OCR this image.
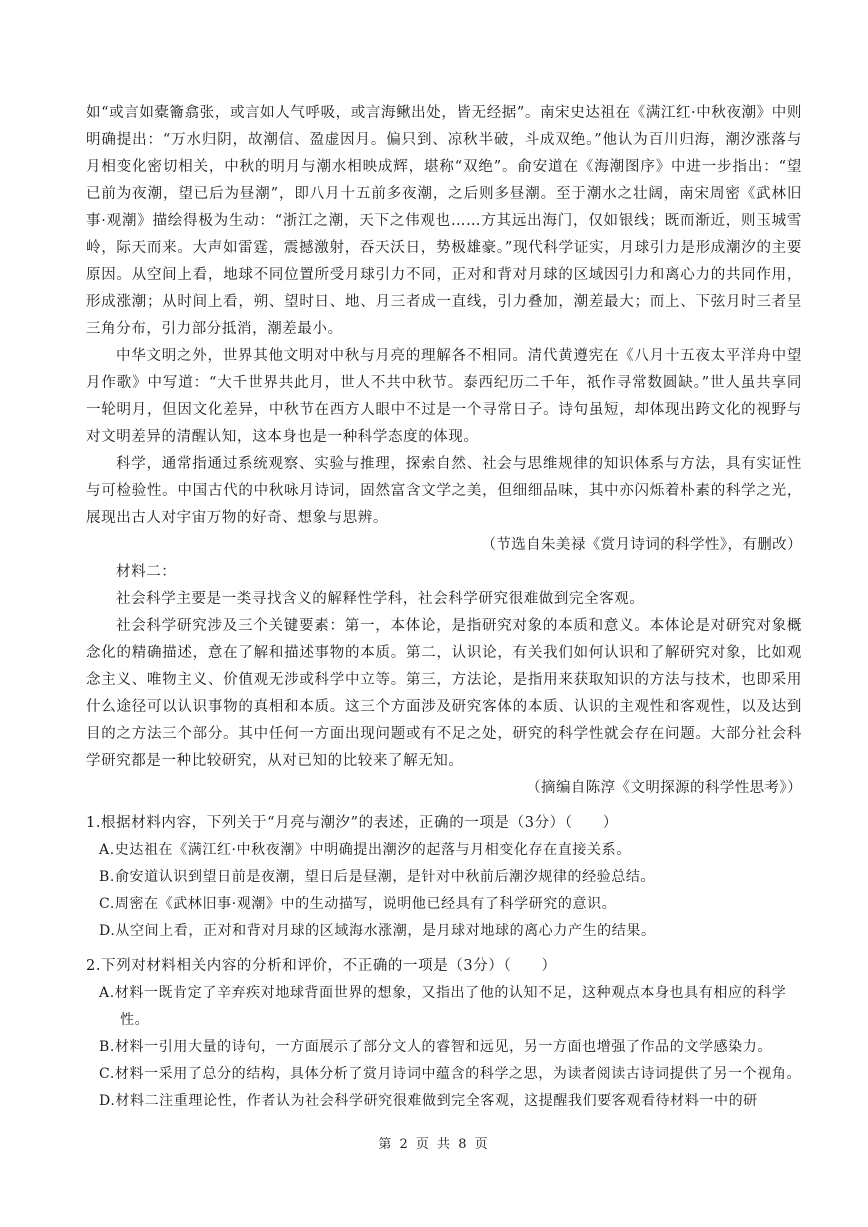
如“或言如橐籥翕张，或言如人气呼吸，或言海鳅出处，皆无经据”。南宋史达祖在《满江红·中秋夜潮》中则明确提出：“万水归阴，故潮信、盈虚因月。偏只到、凉秋半破，斗成双绝。”他认为百川归海，潮汐涨落与月相变化密切相关，中秋的明月与潮水相映成辉，堪称“双绝”。俞安道在《海潮图序》中进一步指出：“望已前为夜潮，望已后为昼潮”，即八月十五前多夜潮，之后则多昼潮。至于潮水之壮阔，南宋周密《武林旧事·观潮》描绘得极为生动：“浙江之潮，天下之伟观也……方其远出海门，仅如银线；既而渐近，则玉城雪岭，际天而来。大声如雷霆，震撼激射，吞天沃日，势极雄豪。”现代科学证实，月球引力是形成潮汐的主要原因。从空间上看，地球不同位置所受月球引力不同，正对和背对月球的区域因引力和离心力的共同作用，形成涨潮；从时间上看，朔、望时日、地、月三者成一直线，引力叠加，潮差最大；而上、下弦月时三者呈三角分布，引力部分抵消，潮差最小。

中华文明之外，世界其他文明对中秋与月亮的理解各不相同。清代黄遵宪在《八月十五夜太平洋舟中望月作歌》中写道：“大千世界共此月，世人不共中秋节。泰西纪历二千年，祇作寻常数圆缺。”世人虽共享同一轮明月，但因文化差异，中秋节在西方人眼中不过是一个寻常日子。诗句虽短，却体现出跨文化的视野与对文明差异的清醒认知，这本身也是一种科学态度的体现。

科学，通常指通过系统观察、实验与推理，探索自然、社会与思维规律的知识体系与方法，具有实证性与可检验性。中国古代的中秋咏月诗词，固然富含文学之美，但细细品味，其中亦闪烁着朴素的科学之光，展现出古人对宇宙万物的好奇、想象与思辨。

（节选自朱美禄《赏月诗词的科学性》，有删改）

材料二：

社会科学主要是一类寻找含义的解释性学科，社会科学研究很难做到完全客观。

社会科学研究涉及三个关键要素：第一，本体论，是指研究对象的本质和意义。本体论是对研究对象概念化的精确描述，意在了解和描述事物的本质。第二，认识论，有关我们如何认识和了解研究对象，比如观念主义、唯物主义、价值观无涉或科学中立等。第三，方法论，是指用来获取知识的方法与技术，也即采用什么途径可以认识事物的真相和本质。这三个方面涉及研究客体的本质、认识的主观性和客观性，以及达到目的之方法三个部分。其中任何一方面出现问题或有不足之处，研究的科学性就会存在问题。大部分社会科学研究都是一种比较研究，从对已知的比较来了解无知。

（摘编自陈淳《文明探源的科学性思考》）

1.根据材料内容，下列关于“月亮与潮汐”的表述，正确的一项是（3分）（　　）

A.史达祖在《满江红·中秋夜潮》中明确提出潮汐的起落与月相变化存在直接关系。

B.俞安道认识到望日前是夜潮，望日后是昼潮，是针对中秋前后潮汐规律的经验总结。

C.周密在《武林旧事·观潮》中的生动描写，说明他已经具有了科学研究的意识。

D.从空间上看，正对和背对月球的区域海水涨潮，是月球对地球的离心力产生的结果。

2.下列对材料相关内容的分析和评价，不正确的一项是（3分）（　　）

A.材料一既肯定了辛弃疾对地球背面世界的想象，又指出了他的认知不足，这种观点本身也具有相应的科学性。

B.材料一引用大量的诗句，一方面展示了部分文人的睿智和远见，另一方面也增强了作品的文学感染力。

C.材料一采用了总分的结构，具体分析了赏月诗词中蕴含的科学之思，为读者阅读古诗词提供了另一个视角。

D.材料二注重理论性，作者认为社会科学研究很难做到完全客观，这提醒我们要客观看待材料一中的研

第 2 页 共 8 页
